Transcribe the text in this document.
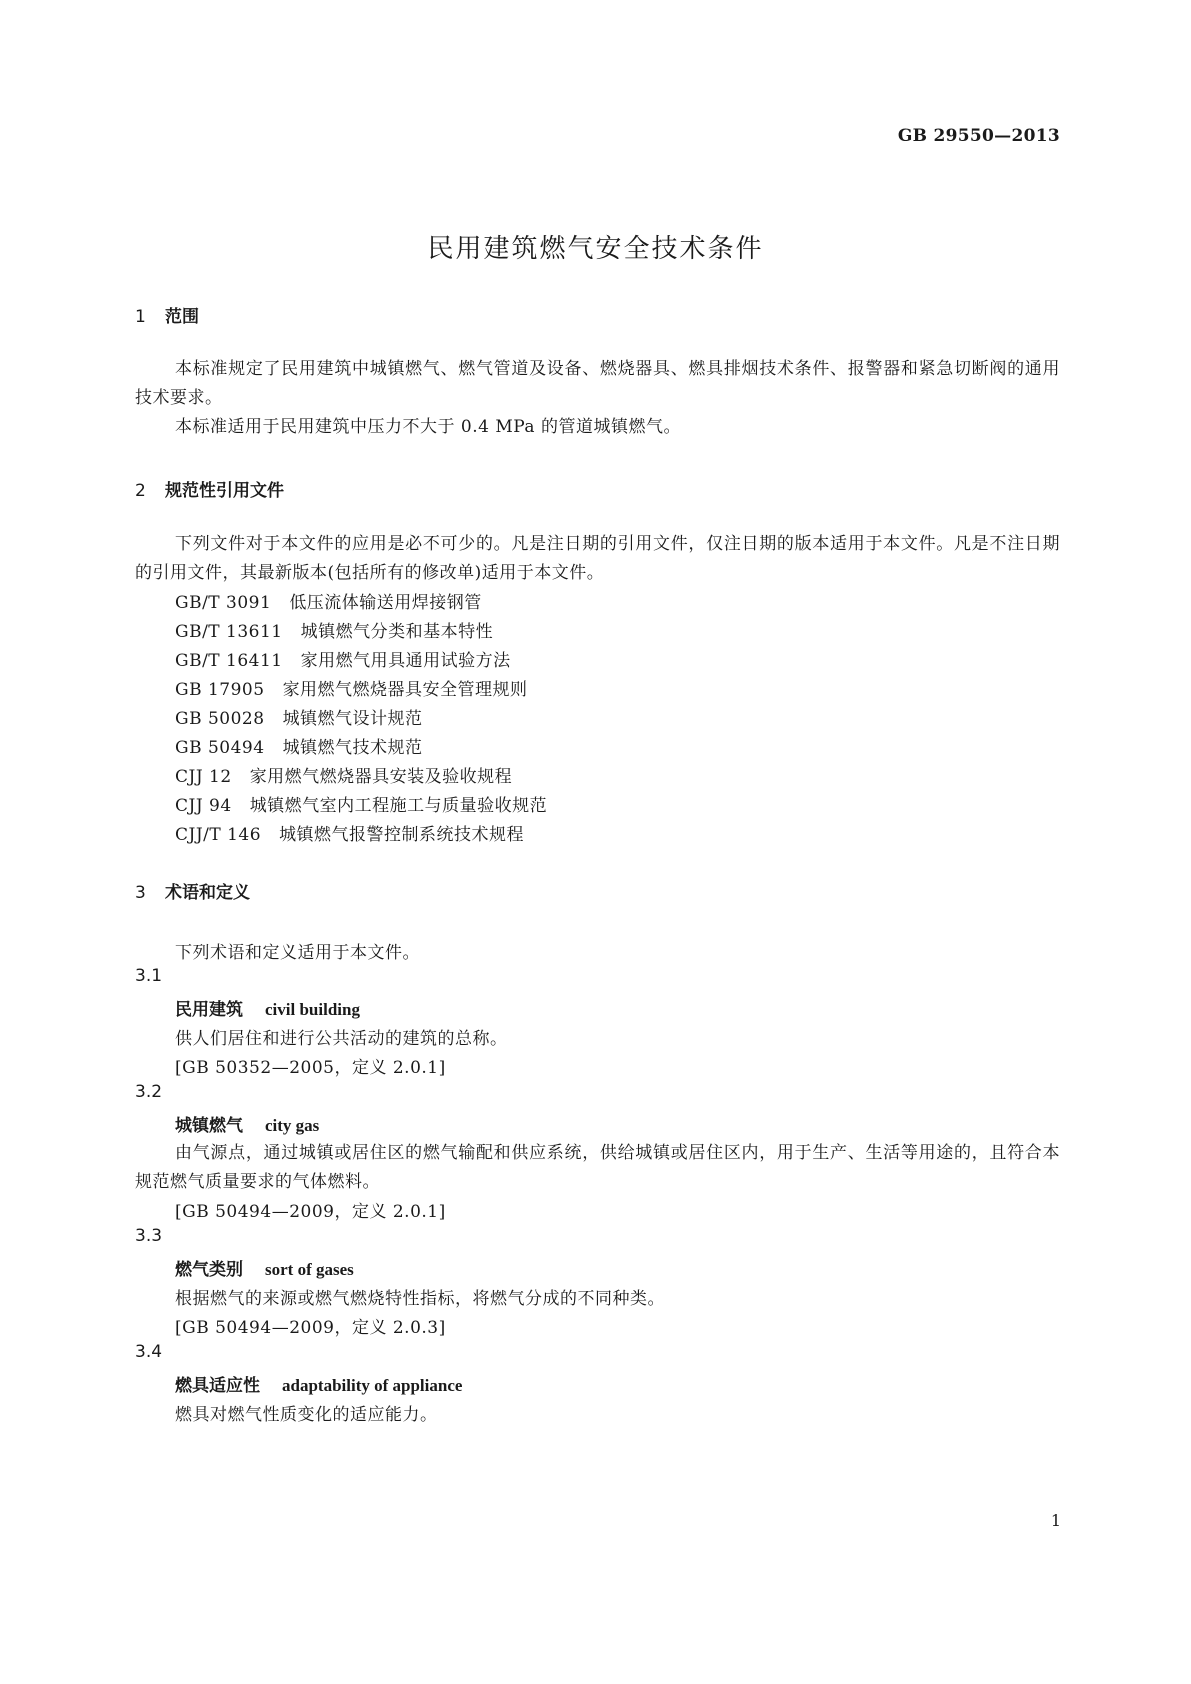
GB 29550—2013
民用建筑燃气安全技术条件
1 范围
本标准规定了民用建筑中城镇燃气、燃气管道及设备、燃烧器具、燃具排烟技术条件、报警器和紧急切断阀的通用技术要求。
本标准适用于民用建筑中压力不大于 0.4 MPa 的管道城镇燃气。
2 规范性引用文件
下列文件对于本文件的应用是必不可少的。凡是注日期的引用文件，仅注日期的版本适用于本文件。凡是不注日期的引用文件，其最新版本(包括所有的修改单)适用于本文件。
GB/T 3091 低压流体输送用焊接钢管
GB/T 13611 城镇燃气分类和基本特性
GB/T 16411 家用燃气用具通用试验方法
GB 17905 家用燃气燃烧器具安全管理规则
GB 50028 城镇燃气设计规范
GB 50494 城镇燃气技术规范
CJJ 12 家用燃气燃烧器具安装及验收规程
CJJ 94 城镇燃气室内工程施工与质量验收规范
CJJ/T 146 城镇燃气报警控制系统技术规程
3 术语和定义
下列术语和定义适用于本文件。
3.1
民用建筑 civil building
供人们居住和进行公共活动的建筑的总称。
[GB 50352—2005，定义 2.0.1]
3.2
城镇燃气 city gas
由气源点，通过城镇或居住区的燃气输配和供应系统，供给城镇或居住区内，用于生产、生活等用途的，且符合本规范燃气质量要求的气体燃料。
[GB 50494—2009，定义 2.0.1]
3.3
燃气类别 sort of gases
根据燃气的来源或燃气燃烧特性指标，将燃气分成的不同种类。
[GB 50494—2009，定义 2.0.3]
3.4
燃具适应性 adaptability of appliance
燃具对燃气性质变化的适应能力。
1
